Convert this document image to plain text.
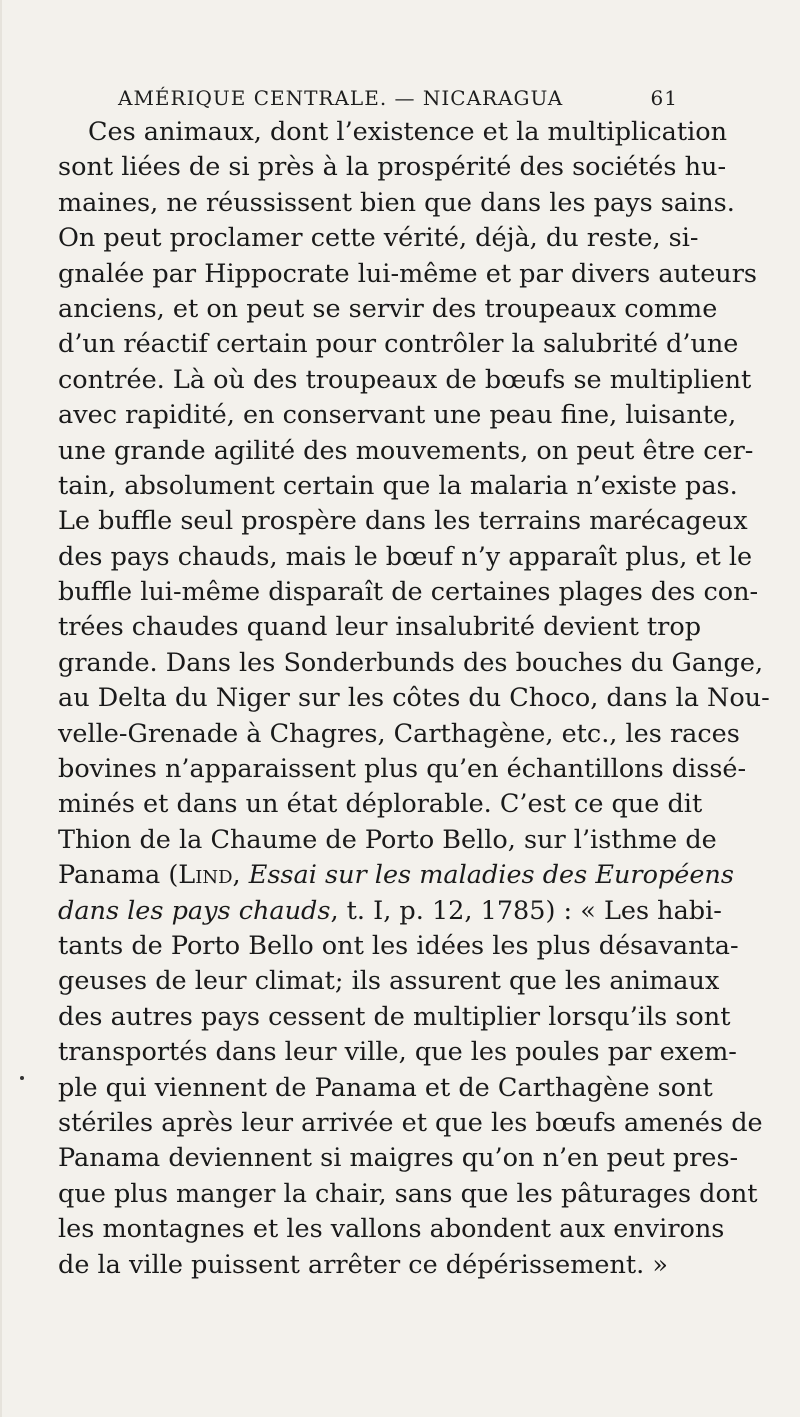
AMÉRIQUE CENTRALE. — NICARAGUA	61
Ces animaux, dont l’existence et la multiplication
sont liées de si près à la prospérité des sociétés hu-
maines, ne réussissent bien que dans les pays sains.
On peut proclamer cette vérité, déjà, du reste, si-
gnalée par Hippocrate lui-même et par divers auteurs
anciens, et on peut se servir des troupeaux comme
d’un réactif certain pour contrôler la salubrité d’une
contrée. Là où des troupeaux de bœufs se multiplient
avec rapidité, en conservant une peau fine, luisante,
une grande agilité des mouvements, on peut être cer-
tain, absolument certain que la malaria n’existe pas.
Le buffle seul prospère dans les terrains marécageux
des pays chauds, mais le bœuf n’y apparaît plus, et le
buffle lui-même disparaît de certaines plages des con-
trées chaudes quand leur insalubrité devient trop
grande. Dans les Sonderbunds des bouches du Gange,
au Delta du Niger sur les côtes du Choco, dans la Nou-
velle-Grenade à Chagres, Carthagène, etc., les races
bovines n’apparaissent plus qu’en échantillons dissé-
minés et dans un état déplorable. C’est ce que dit
Thion de la Chaume de Porto Bello, sur l’isthme de
Panama (Lind, Essai sur les maladies des Européens
dans les pays chauds, t. I, p. 12, 1785) : « Les habi-
tants de Porto Bello ont les idées les plus désavanta-
geuses de leur climat; ils assurent que les animaux
des autres pays cessent de multiplier lorsqu’ils sont
transportés dans leur ville, que les poules par exem-
ple qui viennent de Panama et de Carthagène sont
stériles après leur arrivée et que les bœufs amenés de
Panama deviennent si maigres qu’on n’en peut pres-
que plus manger la chair, sans que les pâturages dont
les montagnes et les vallons abondent aux environs
de la ville puissent arrêter ce dépérissement. »
